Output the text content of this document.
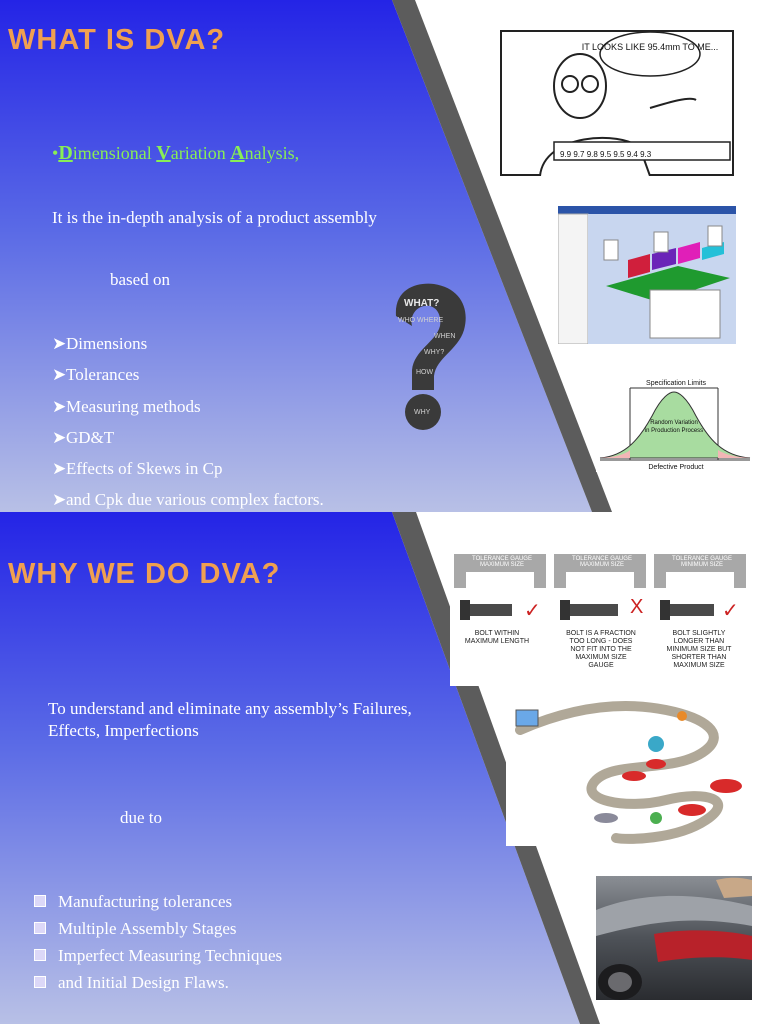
WHAT IS DVA?
•Dimensional Variation Analysis,
It is the in-depth analysis of a product assembly
based on
➤Dimensions
➤Tolerances
➤Measuring methods
➤GD&T
➤Effects of Skews in Cp
➤and Cpk due various complex factors.
WHAT?
WHO WHERE
WHEN
WHY?
HOW
WHY
IT LOOKS LIKE 95.4mm TO ME...
9.9 9.7 9.8 9.5 9.5 9.4 9.3
Specification Limits
Random Variation
in Production Process
Defective Product
WHY WE DO DVA?
To understand and eliminate any assembly’s Failures, Effects, Imperfections
due to
Manufacturing tolerances
Multiple Assembly Stages
Imperfect Measuring Techniques
and Initial Design Flaws.
TOLERANCE GAUGE MAXIMUM SIZE
TOLERANCE GAUGE MAXIMUM SIZE
TOLERANCE GAUGE MINIMUM SIZE
✓	X	✓
BOLT WITHIN MAXIMUM LENGTH
BOLT IS A FRACTION TOO LONG - DOES NOT FIT INTO THE MAXIMUM SIZE GAUGE
BOLT SLIGHTLY LONGER THAN MINIMUM SIZE BUT SHORTER THAN MAXIMUM SIZE
